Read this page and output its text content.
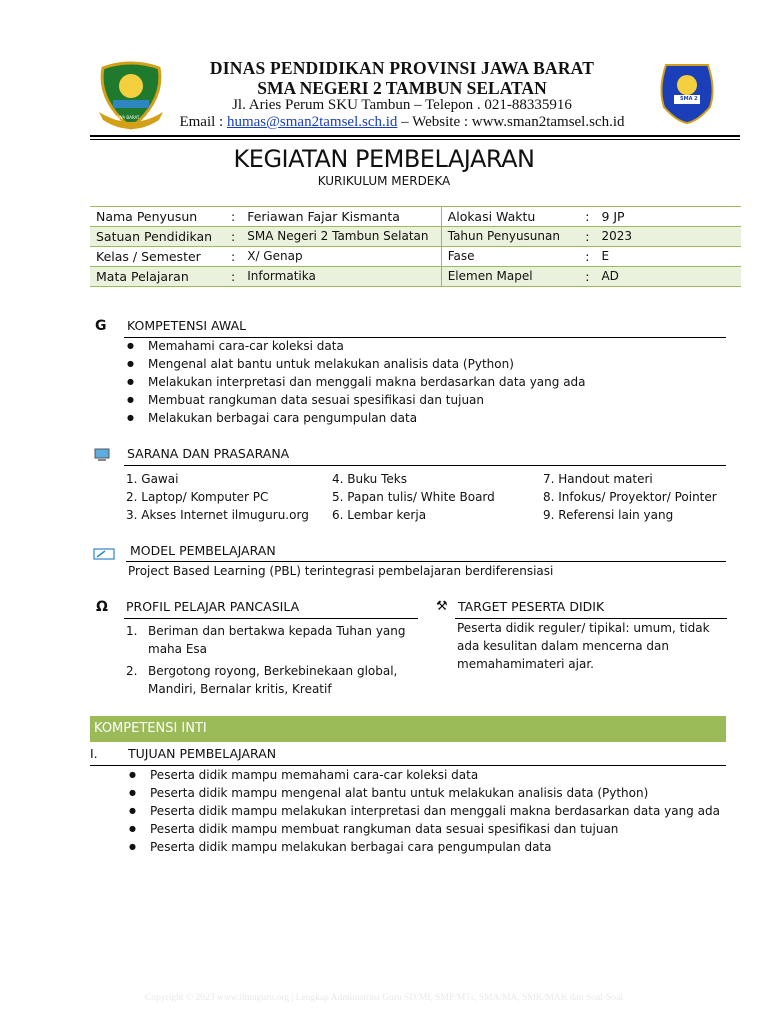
JAWA BARAT
SMA 2
DINAS PENDIDIKAN PROVINSI JAWA BARAT
SMA NEGERI 2 TAMBUN SELATAN
Jl. Aries Perum SKU Tambun – Telepon . 021-88335916
Email : humas@sman2tamsel.sch.id – Website : www.sman2tamsel.sch.id
KEGIATAN PEMBELAJARAN
KURIKULUM MERDEKA
Nama Penyusun	:	Feriawan Fajar Kismanta	Alokasi Waktu	:	9 JP
Satuan Pendidikan	:	SMA Negeri 2 Tambun Selatan	Tahun Penyusunan	:	2023
Kelas / Semester	:	X/ Genap	Fase	:	E
Mata Pelajaran	:	Informatika	Elemen Mapel	:	AD
G KOMPETENSI AWAL
● Memahami cara-car koleksi data
● Mengenal alat bantu untuk melakukan analisis data (Python)
● Melakukan interpretasi dan menggali makna berdasarkan data yang ada
● Membuat rangkuman data sesuai spesifikasi dan tujuan
● Melakukan berbagai cara pengumpulan data
SARANA DAN PRASARANA
1. Gawai	4. Buku Teks	7. Handout materi
2. Laptop/ Komputer PC	5. Papan tulis/ White Board	8. Infokus/ Proyektor/ Pointer
3. Akses Internet ilmuguru.org	6. Lembar kerja	9. Referensi lain yang
MODEL PEMBELAJARAN
Project Based Learning (PBL) terintegrasi pembelajaran berdiferensiasi
Ω PROFIL PELAJAR PANCASILA
1. Beriman dan bertakwa kepada Tuhan yang maha Esa
2. Bergotong royong, Berkebinekaan global, Mandiri, Bernalar kritis, Kreatif
⚒ TARGET PESERTA DIDIK
Peserta didik reguler/ tipikal: umum, tidak ada kesulitan dalam mencerna dan memahamimateri ajar.
KOMPETENSI INTI
I. TUJUAN PEMBELAJARAN
● Peserta didik mampu memahami cara-car koleksi data
● Peserta didik mampu mengenal alat bantu untuk melakukan analisis data (Python)
● Peserta didik mampu melakukan interpretasi dan menggali makna berdasarkan data yang ada
● Peserta didik mampu membuat rangkuman data sesuai spesifikasi dan tujuan
● Peserta didik mampu melakukan berbagai cara pengumpulan data
Copyright © 2023 www.ilmuguru.org | Lengkap Administrasi Guru SD/MI, SMP/MTs, SMA/MA, SMK/MAK dan Soal-Soal
